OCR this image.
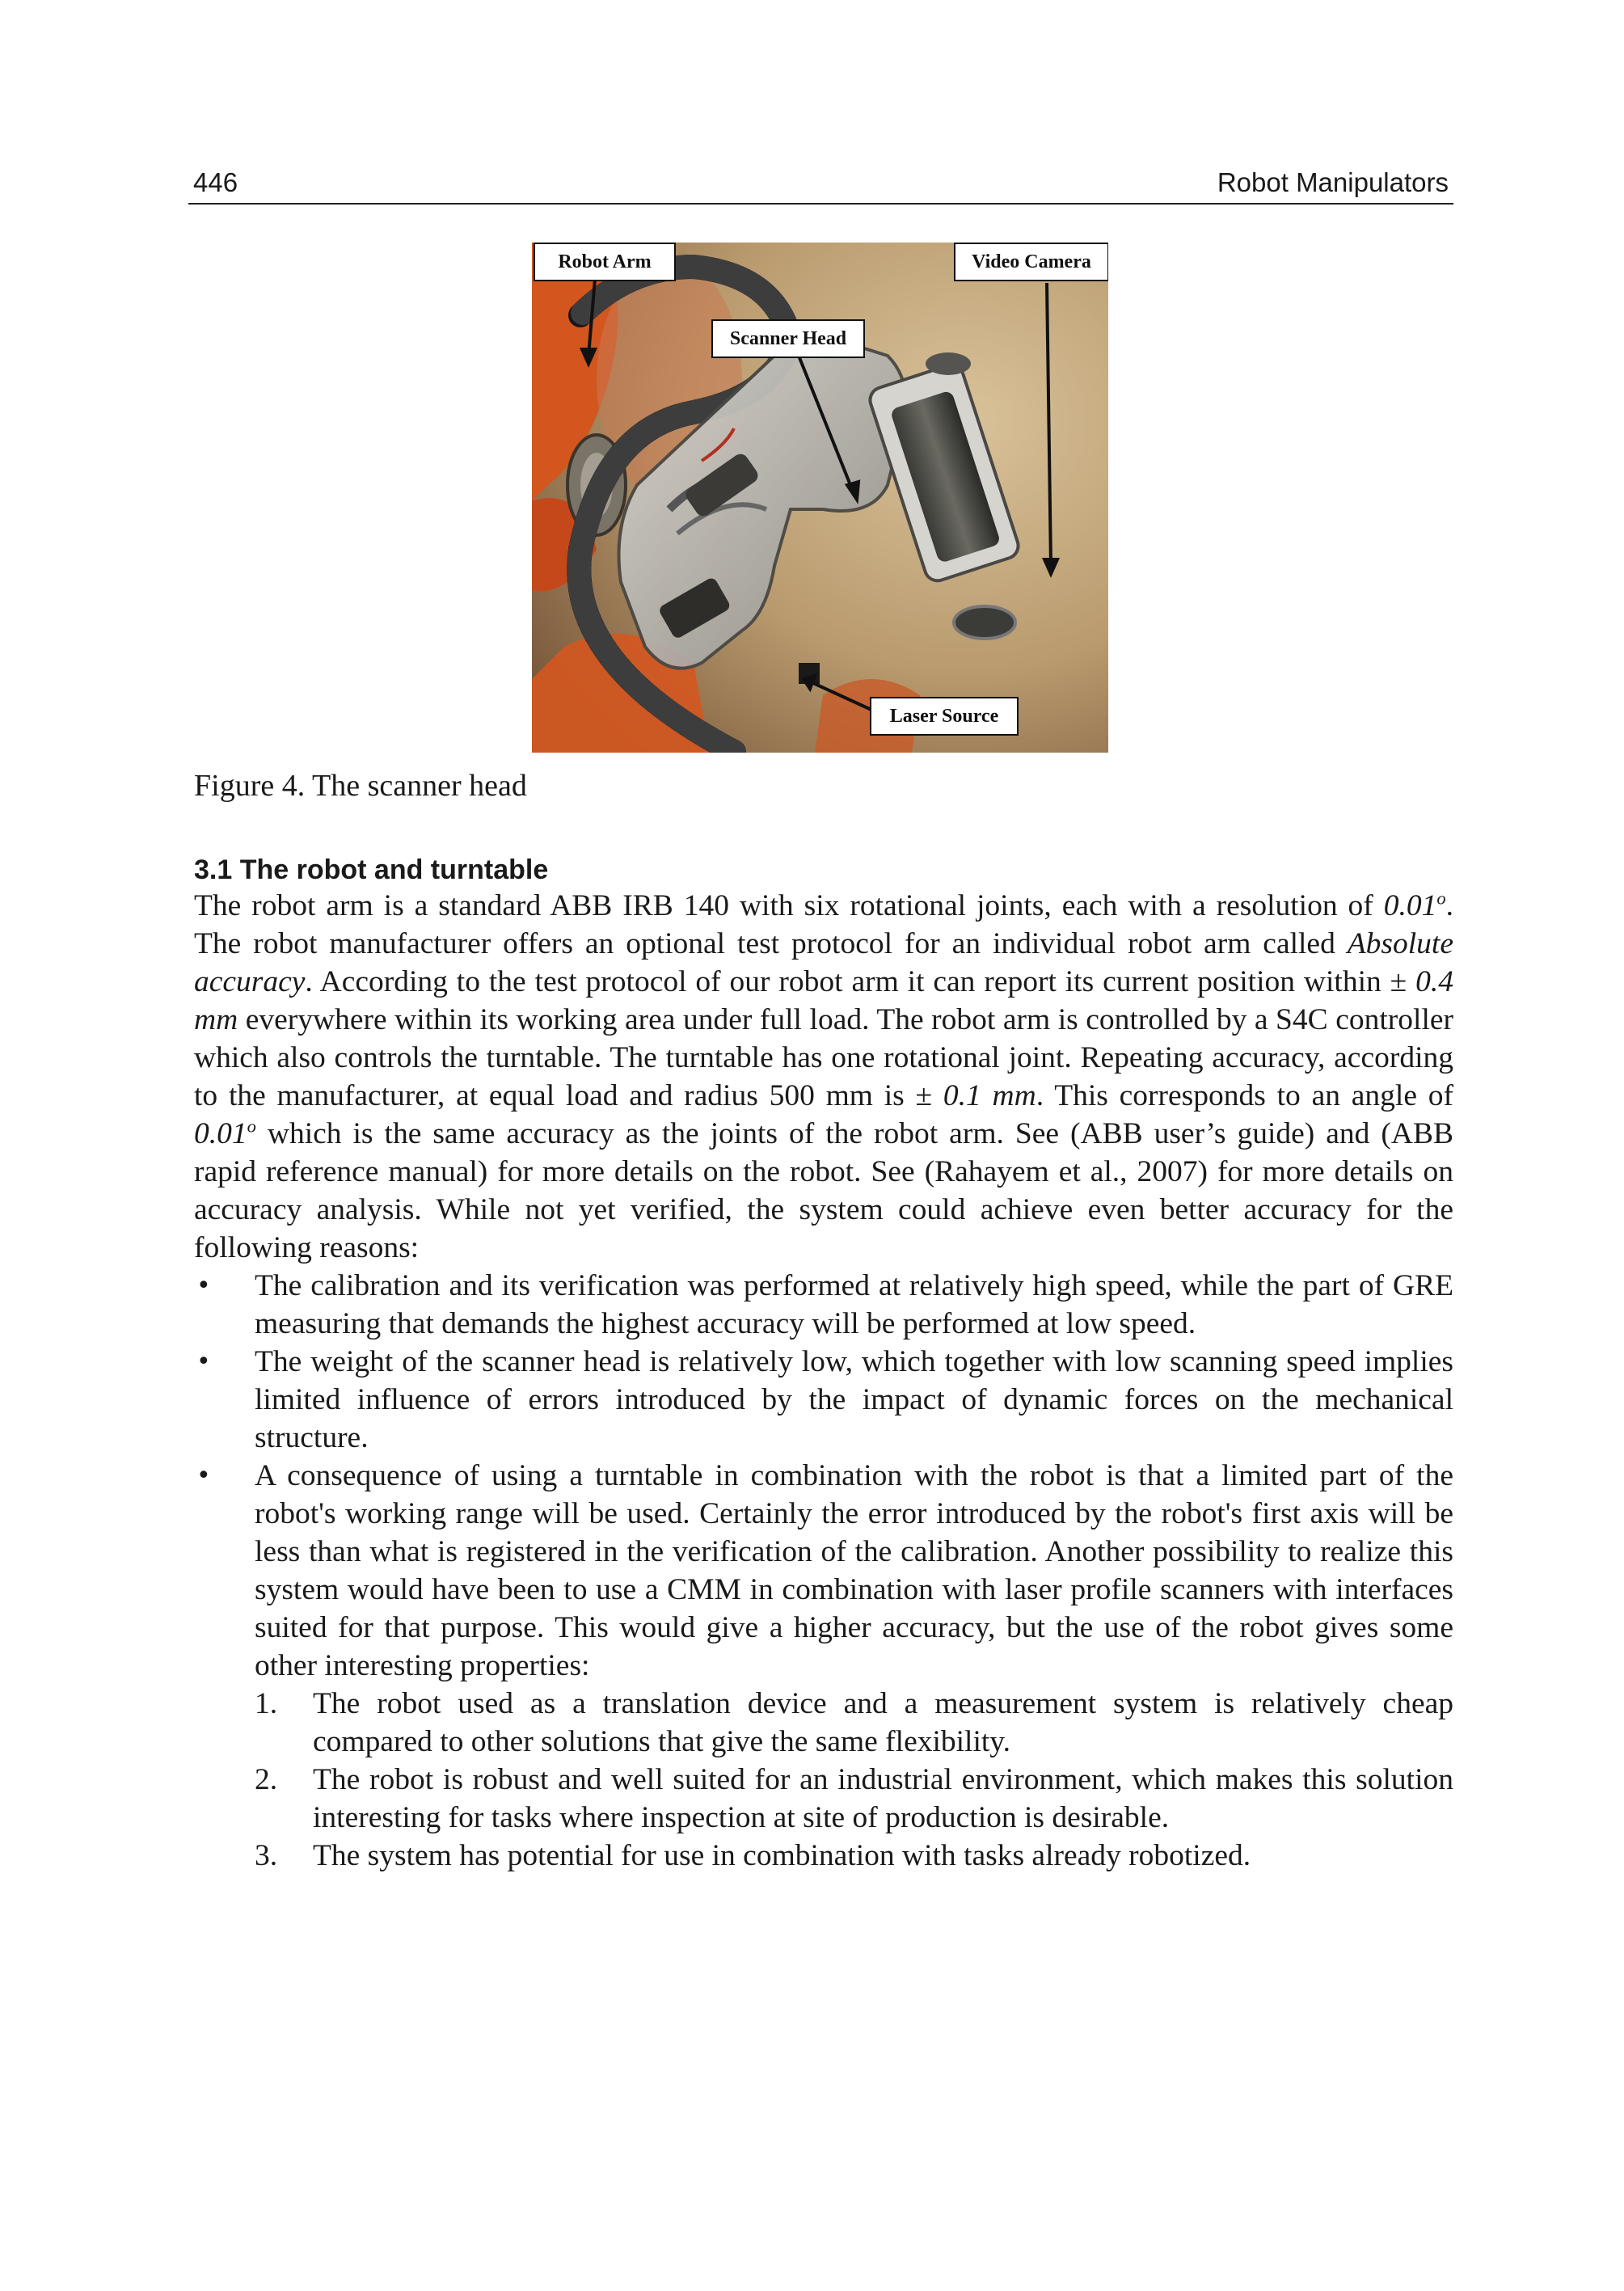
446	Robot Manipulators
Robot Arm	Video Camera
Scanner Head
Laser Source
Figure 4. The scanner head
3.1 The robot and turntable

The robot arm is a standard ABB IRB 140 with six rotational joints, each with a resolution of 0.01$^o$. The robot manufacturer offers an optional test protocol for an individual robot arm called Absolute accuracy. According to the test protocol of our robot arm it can report its current position within ± 0.4 mm everywhere within its working area under full load. The robot arm is controlled by a S4C controller which also controls the turntable. The turntable has one rotational joint. Repeating accuracy, according to the manufacturer, at equal load and radius 500 mm is ± 0.1 mm. This corresponds to an angle of 0.01$^o$ which is the same accuracy as the joints of the robot arm. See (ABB user’s guide) and (ABB rapid reference manual) for more details on the robot. See (Rahayem et al., 2007) for more details on accuracy analysis. While not yet verified, the system could achieve even better accuracy for the following reasons:

• The calibration and its verification was performed at relatively high speed, while the part of GRE measuring that demands the highest accuracy will be performed at low speed.
• The weight of the scanner head is relatively low, which together with low scanning speed implies limited influence of errors introduced by the impact of dynamic forces on the mechanical structure.
• A consequence of using a turntable in combination with the robot is that a limited part of the robot's working range will be used. Certainly the error introduced by the robot's first axis will be less than what is registered in the verification of the calibration. Another possibility to realize this system would have been to use a CMM in combination with laser profile scanners with interfaces suited for that purpose. This would give a higher accuracy, but the use of the robot gives some other interesting properties:
1. The robot used as a translation device and a measurement system is relatively cheap compared to other solutions that give the same flexibility.
2. The robot is robust and well suited for an industrial environment, which makes this solution interesting for tasks where inspection at site of production is desirable.
3. The system has potential for use in combination with tasks already robotized.
